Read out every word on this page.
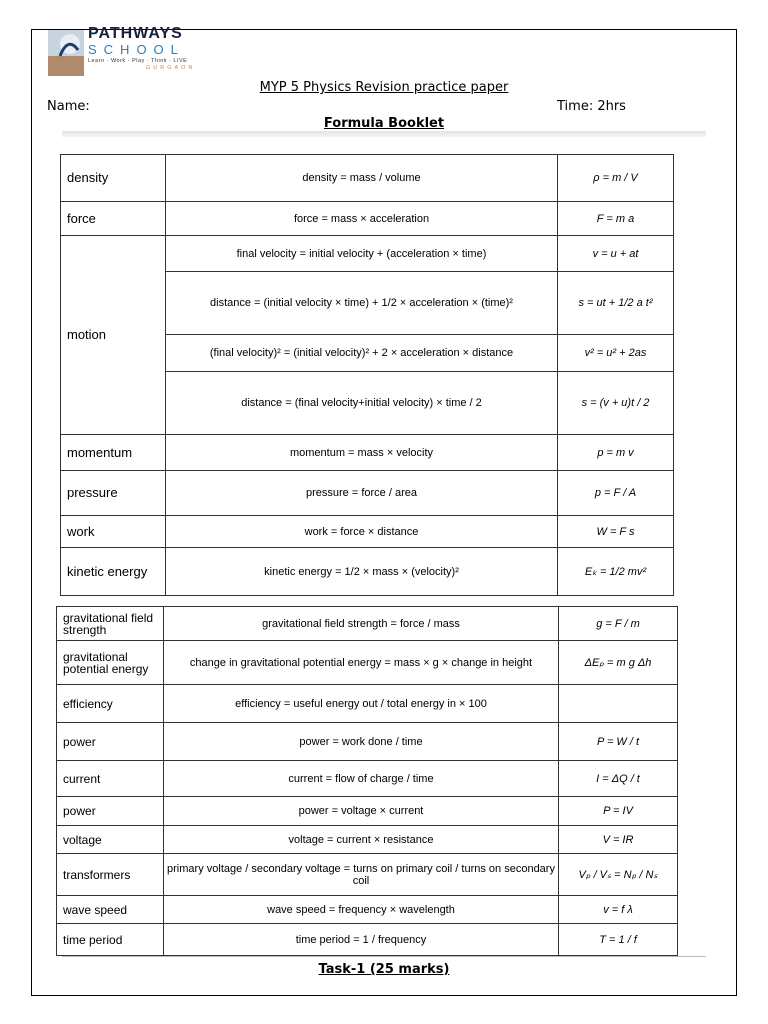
PATHWAYS
SCHOOL
Learn · Work · Play · Think · LIVE
GURGAON
MYP 5 Physics Revision practice paper
Name:	Time: 2hrs
Formula Booklet
density	density = mass / volume	ρ = m / V
force	force = mass × acceleration	F = m a
motion	final velocity = initial velocity + (acceleration × time)	v = u + at
	distance = (initial velocity × time) + 1/2 × acceleration × (time)²	s = ut + 1/2 a t²
	(final velocity)² = (initial velocity)² + 2 × acceleration × distance	v² = u² + 2as
	distance = (final velocity+initial velocity) × time / 2	s = (v + u)t / 2
momentum	momentum = mass × velocity	p = m v
pressure	pressure = force / area	p = F / A
work	work = force × distance	W = F s
kinetic energy	kinetic energy = 1/2 × mass × (velocity)²	Eₖ = 1/2 mv²
gravitational field strength	gravitational field strength = force / mass	g = F / m
gravitational potential energy	change in gravitational potential energy = mass × g × change in height	ΔEₚ = m g Δh
efficiency	efficiency = useful energy out / total energy in × 100	
power	power = work done / time	P = W / t
current	current = flow of charge / time	I = ΔQ / t
power	power = voltage × current	P = IV
voltage	voltage = current × resistance	V = IR
transformers	primary voltage / secondary voltage = turns on primary coil / turns on secondary coil	Vₚ / Vₛ = Nₚ / Nₛ
wave speed	wave speed = frequency × wavelength	v = f λ
time period	time period = 1 / frequency	T = 1 / f
Task-1 (25 marks)
